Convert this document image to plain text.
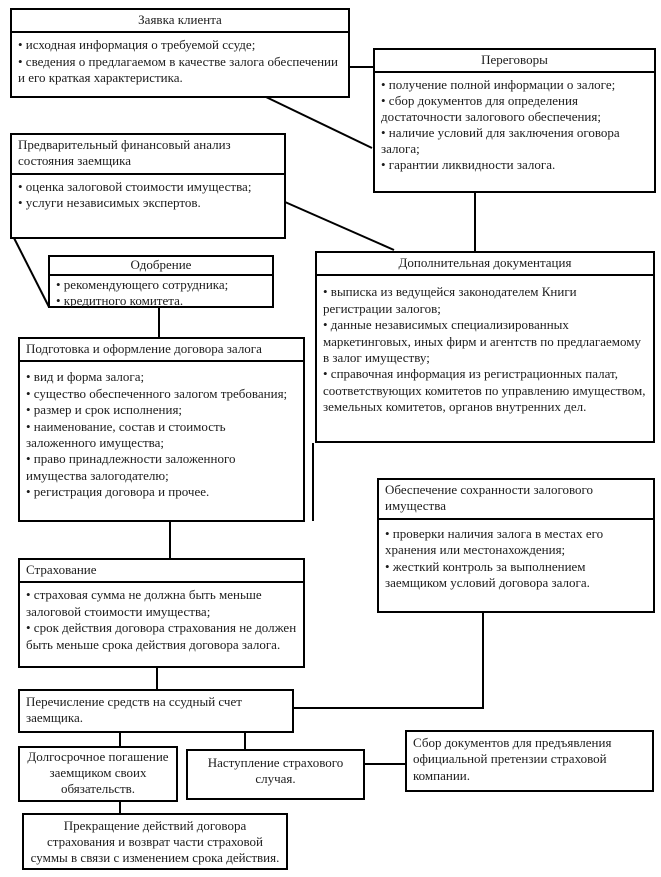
Заявка клиента
• исходная информация о требуемой ссуде;
• сведения о предлагаемом в качестве залога обеспечении и его краткая характеристика.
Переговоры
• получение полной информации о залоге;
• сбор документов для определения достаточности залогового обеспечения;
• наличие условий для заключения оговора залога;
• гарантии ликвидности залога.
Предварительный финансовый анализ состояния заемщика
• оценка залоговой стоимости имущества;
• услуги независимых экспертов.
Одобрение
• рекомендующего сотрудника;
• кредитного комитета.
Дополнительная документация
• выписка из ведущейся законодателем Книги регистрации залогов;
• данные независимых специализированных маркетинговых, иных фирм и агентств по предлагаемому в залог имуществу;
• справочная информация из регистрационных палат, соответствующих комитетов по управлению имуществом, земельных комитетов, органов внутренних дел.
Подготовка и оформление договора залога
• вид и форма залога;
• существо обеспеченного залогом требования;
• размер и срок исполнения;
• наименование, состав и стоимость заложенного имущества;
• право принадлежности заложенного имущества залогодателю;
• регистрация договора и прочее.	Обеспечение сохранности залогового имущества
• проверки наличия залога в местах его хранения или местонахождения;
• жесткий контроль за выполнением заемщиком условий договора залога.
Страхование
• страховая сумма не должна быть меньше залоговой стоимости имущества;
• срок действия договора страхования не должен быть меньше срока действия договора залога.
Перечисление средств на ссудный счет заемщика.
Долгосрочное погашение заемщиком своих обязательств.
Наступление страхового случая.
Сбор документов для предъявления официальной претензии страховой компании.
Прекращение действий договора страхования и возврат части страховой суммы в связи с изменением срока действия.
